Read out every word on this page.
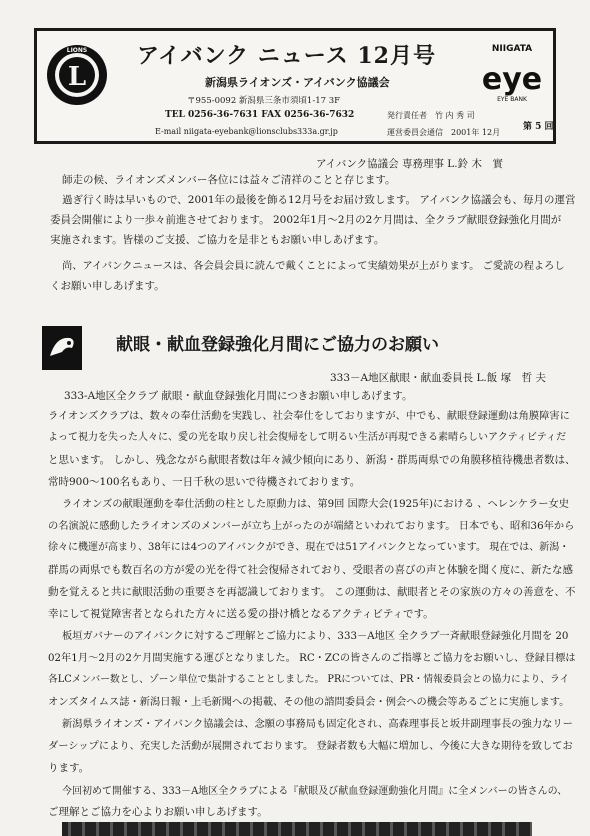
L
LIONS アイバンク ニュース 12月号
新潟県ライオンズ・アイバンク協議会
〒955-0092 新潟県三条市須頃1-17 3F
TEL 0256-36-7631 FAX 0256-36-7632
E-mail niigata-eyebank@lionsclubs333a.gr.jp
発行責任者　竹 内 秀 司
運営委員会通信　2001年 12月
第 5 回
NIIGATA
eye
EYE BANK
アイバンク協議会 専務理事 L.鈴 木　實
師走の候、ライオンズメンバー各位には益々ご清祥のことと存じます。
過ぎ行く時は早いもので、2001年の最後を飾る12月号をお届け致します。 アイバンク協議会も、毎月の運営
委員会開催により一歩々前進させております。 2002年1月～2月の2ケ月間は、全クラブ献眼登録強化月間が
実施されます。皆様のご支援、ご協力を是非ともお願い申しあげます。
尚、アイバンクニュースは、各会員会員に読んで戴くことによって実績効果が上がります。 ご愛読の程よろし
くお願い申しあげます。
献眼・献血登録強化月間にご協力のお願い
333－A地区献眼・献血委員長 L.飯 塚　哲 夫
333-A地区全クラブ 献眼・献血登録強化月間につきお願い申しあげます。
ライオンズクラブは、数々の奉仕活動を実践し、社会奉仕をしておりますが、中でも、献眼登録運動は角膜障害に
よって視力を失った人々に、愛の光を取り戻し社会復帰をして明るい生活が再現できる素晴らしいアクティビティだ
と思います。 しかし、残念ながら献眼者数は年々減少傾向にあり、新潟・群馬両県での角膜移植待機患者数は、
常時900～100名もあり、一日千秋の思いで待機されております。
ライオンズの献眼運動を奉仕活動の柱とした原動力は、第9回 国際大会(1925年)における 、ヘレンケラー女史
の名演説に感動したライオンズのメンバーが立ち上がったのが端緒といわれております。 日本でも、昭和36年から
徐々に機運が高まり、38年には4つのアイバンクができ、現在では51アイバンクとなっています。 現在では、新潟・
群馬の両県でも数百名の方が愛の光を得て社会復帰されており、受眼者の喜びの声と体験を聞く度に、新たな感
動を覚えると共に献眼活動の重要さを再認識しております。 この運動は、献眼者とその家族の方々の善意を、不
幸にして視覚障害者となられた方々に送る愛の掛け橋となるアクティビティです。
板垣ガバナーのアイバンクに対するご理解とご協力により、333－A地区 全クラブ一斉献眼登録強化月間を 20
02年1月～2月の2ケ月間実施する運びとなりました。 RC・ZCの皆さんのご指導とご協力をお願いし、登録目標は
各LCメンバー数とし、ゾーン単位で集計することとしました。 PRについては、PR・情報委員会との協力により、ライ
オンズタイムス誌・新潟日報・上毛新聞への掲載、その他の諮問委員会・例会への機会等あるごとに実施します。
新潟県ライオンズ・アイバンク協議会は、念願の事務局も固定化され、高森理事長と坂井副理事長の強力なリー
ダーシップにより、充実した活動が展開されております。 登録者数も大幅に増加し、今後に大きな期待を致してお
ります。
今回初めて開催する、333－A地区全クラブによる『献眼及び献血登録運動強化月間』に全メンバーの皆さんの、
ご理解とご協力を心よりお願い申しあげます。
